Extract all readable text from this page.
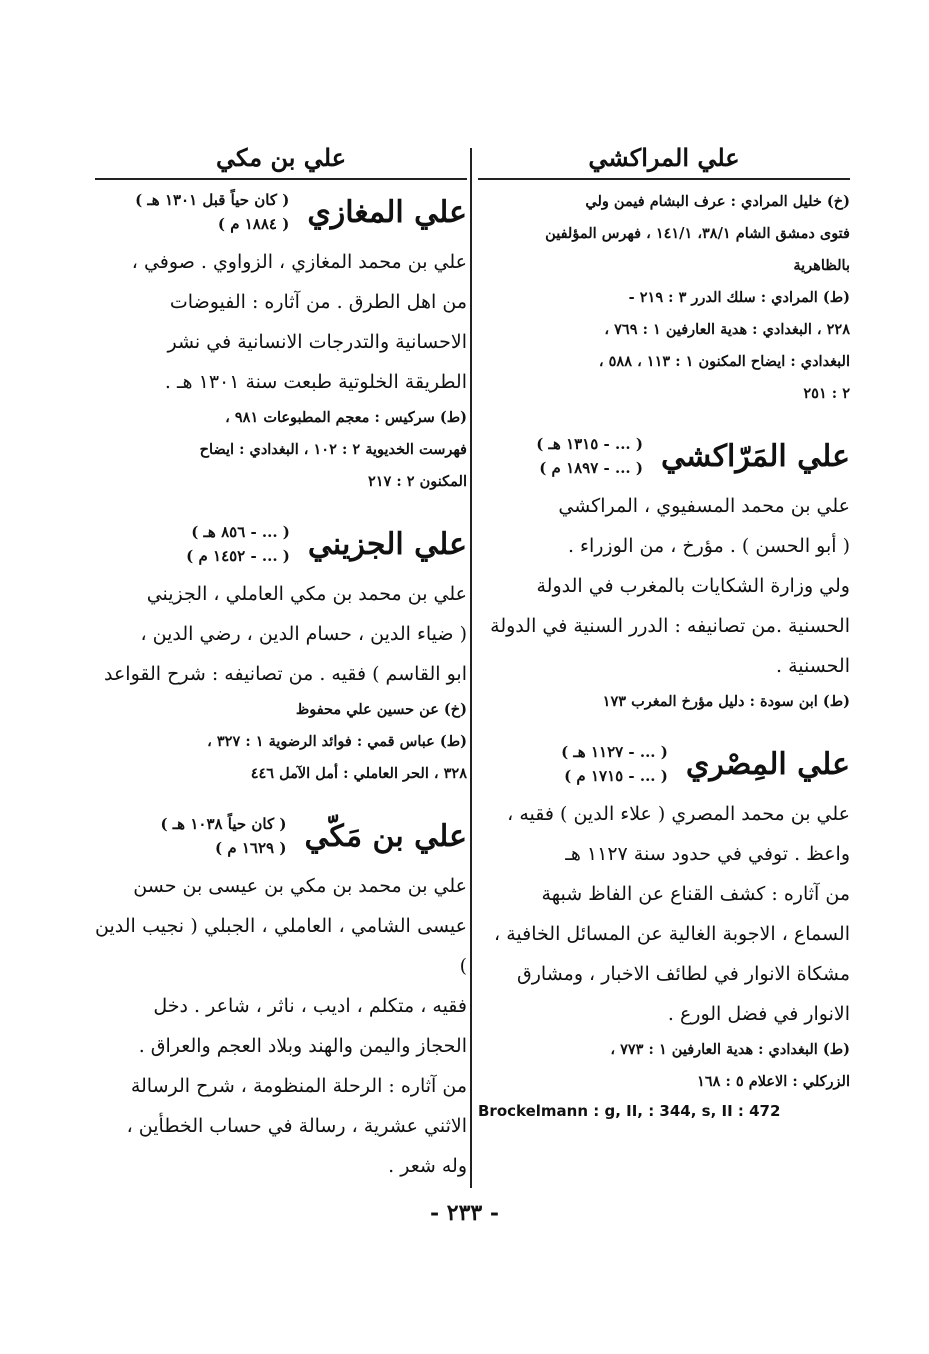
علي المراكشي
(خ) خليل المرادي : عرف البشام فيمن ولي
فتوى دمشق الشام ٣٨/١، ١٤١/١ ، فهرس المؤلفين
بالظاهرية
(ط) المرادي : سلك الدرر ٣ : ٢١٩ -
٢٢٨ ، البغدادي : هدية العارفين ١ : ٧٦٩ ،
البغدادي : ايضاح المكنون ١ : ١١٣ ، ٥٨٨ ،
٢ : ٢٥١
علي المَرّاكشي
( ... - ١٣١٥ هـ )
( ... - ١٨٩٧ م )
علي بن محمد المسفيوي ، المراكشي
( أبو الحسن ) . مؤرخ ، من الوزراء .
ولي وزارة الشكايات بالمغرب في الدولة
الحسنية .من تصانيفه : الدرر السنية في الدولة
الحسنية .
(ط) ابن سودة : دليل مؤرخ المغرب ١٧٣
علي المِصْري
( ... - ١١٢٧ هـ )
( ... - ١٧١٥ م )
علي بن محمد المصري ( علاء الدين ) فقيه ،
واعظ . توفي في حدود سنة ١١٢٧ هـ
من آثاره : كشف القناع عن الفاظ شبهة
السماع ، الاجوبة الغالية عن المسائل الخافية ،
مشكاة الانوار في لطائف الاخبار ، ومشارق
الانوار في فضل الورع .
(ط) البغدادي : هدية العارفين ١ : ٧٧٣ ،
الزركلي : الاعلام ٥ : ١٦٨
Brockelmann : g, II, : 344, s, II : 472
علي بن مكي
علي المغازي
( كان حياً قبل ١٣٠١ هـ )
( ١٨٨٤ م )
علي بن محمد المغازي ، الزواوي . صوفي ،
من اهل الطرق . من آثاره : الفيوضات
الاحسانية والتدرجات الانسانية في نشر
الطريقة الخلوتية طبعت سنة ١٣٠١ هـ .
(ط) سركيس : معجم المطبوعات ٩٨١ ،
فهرست الخديوية ٢ : ١٠٢ ، البغدادي : ايضاح
المكنون ٢ : ٢١٧
علي الجزيني
( ... - ٨٥٦ هـ )
( ... - ١٤٥٢ م )
علي بن محمد بن مكي العاملي ، الجزيني
( ضياء الدين ، حسام الدين ، رضي الدين ،
ابو القاسم ) فقيه . من تصانيفه : شرح القواعد
(خ) عن حسين علي محفوظ
(ط) عباس قمي : فوائد الرضوية ١ : ٣٢٧ ،
٣٢٨ ، الحر العاملي : أمل الآمل ٤٤٦
علي بن مَكّي
( كان حياً ١٠٣٨ هـ )
( ١٦٢٩ م )
علي بن محمد بن مكي بن عيسى بن حسن
عيسى الشامي ، العاملي ، الجبلي ( نجيب الدين )
فقيه ، متكلم ، اديب ، ناثر ، شاعر . دخل
الحجاز واليمن والهند وبلاد العجم والعراق .
من آثاره : الرحلة المنظومة ، شرح الرسالة
الاثني عشرية ، رسالة في حساب الخطأين ،
وله شعر .
- ٢٣٣ -
